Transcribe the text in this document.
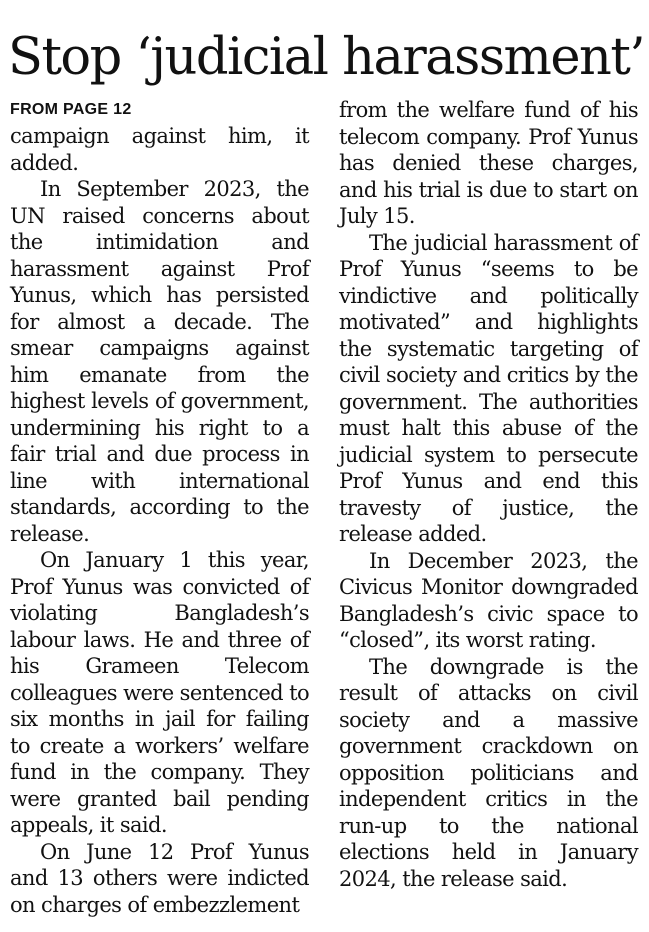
Stop ‘judicial harassment’
FROM PAGE 12

campaign against him, it added.

In September 2023, the UN raised concerns about the intimidation and harassment against Prof Yunus, which has persisted for almost a decade. The smear campaigns against him emanate from the highest levels of government, undermining his right to a fair trial and due process in line with international standards, according to the release.

On January 1 this year, Prof Yunus was convicted of violating Bangladesh’s labour laws. He and three of his Grameen Telecom colleagues were sentenced to six months in jail for failing to create a workers’ welfare fund in the company. They were granted bail pending appeals, it said.

On June 12 Prof Yunus and 13 others were indicted on charges of embezzlement

from the welfare fund of his telecom company. Prof Yunus has denied these charges, and his trial is due to start on July 15.

The judicial harassment of Prof Yunus “seems to be vindictive and politically motivated” and highlights the systematic targeting of civil society and critics by the government. The authorities must halt this abuse of the judicial system to persecute Prof Yunus and end this travesty of justice, the release added.

In December 2023, the Civicus Monitor downgraded Bangladesh’s civic space to “closed”, its worst rating.

The downgrade is the result of attacks on civil society and a massive government crackdown on opposition politicians and independent critics in the run-up to the national elections held in January 2024, the release said.
